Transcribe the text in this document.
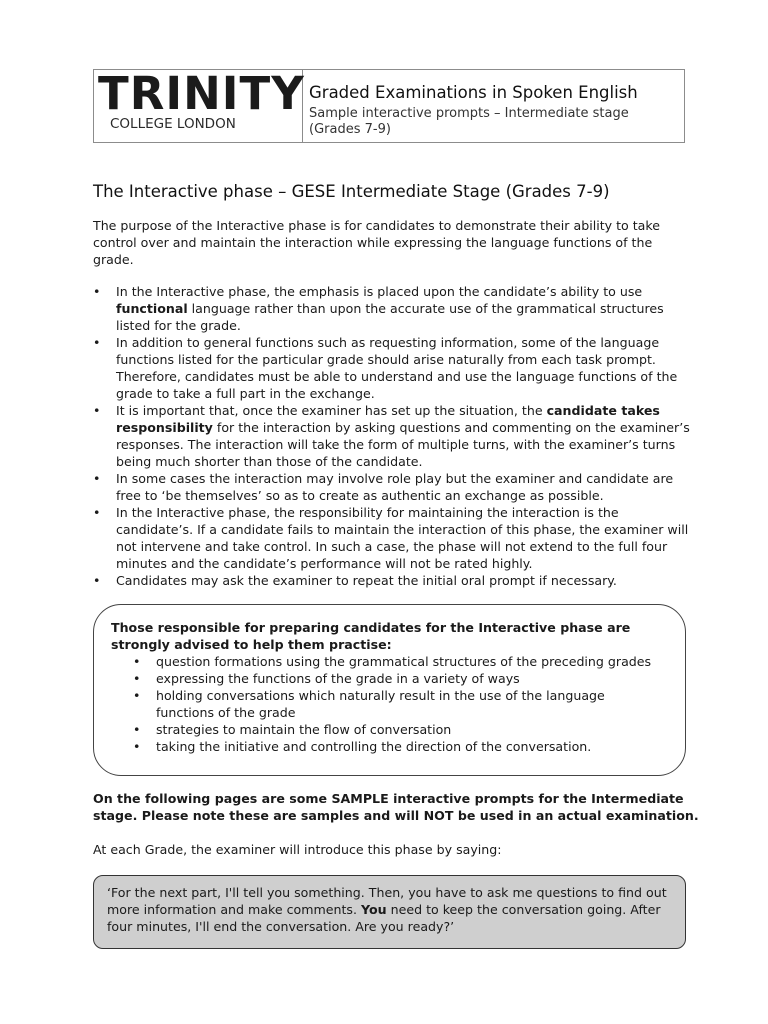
TRINITY
COLLEGE LONDON
Graded Examinations in Spoken English
Sample interactive prompts – Intermediate stage (Grades 7-9)
The Interactive phase – GESE Intermediate Stage (Grades 7-9)

The purpose of the Interactive phase is for candidates to demonstrate their ability to take control over and maintain the interaction while expressing the language functions of the grade.

•	In the Interactive phase, the emphasis is placed upon the candidate’s ability to use functional language rather than upon the accurate use of the grammatical structures listed for the grade.
•	In addition to general functions such as requesting information, some of the language functions listed for the particular grade should arise naturally from each task prompt. Therefore, candidates must be able to understand and use the language functions of the grade to take a full part in the exchange.
•	It is important that, once the examiner has set up the situation, the candidate takes responsibility for the interaction by asking questions and commenting on the examiner’s responses. The interaction will take the form of multiple turns, with the examiner’s turns being much shorter than those of the candidate.
•	In some cases the interaction may involve role play but the examiner and candidate are free to ‘be themselves’ so as to create as authentic an exchange as possible.
•	In the Interactive phase, the responsibility for maintaining the interaction is the candidate’s. If a candidate fails to maintain the interaction of this phase, the examiner will not intervene and take control. In such a case, the phase will not extend to the full four minutes and the candidate’s performance will not be rated highly.
•	Candidates may ask the examiner to repeat the initial oral prompt if necessary.

Those responsible for preparing candidates for the Interactive phase are strongly advised to help them practise:

• question formations using the grammatical structures of the preceding grades
• expressing the functions of the grade in a variety of ways
• holding conversations which naturally result in the use of the language functions of the grade
• strategies to maintain the flow of conversation
• taking the initiative and controlling the direction of the conversation.

On the following pages are some SAMPLE interactive prompts for the Intermediate stage. Please note these are samples and will NOT be used in an actual examination.

At each Grade, the examiner will introduce this phase by saying:

‘For the next part, I'll tell you something. Then, you have to ask me questions to find out more information and make comments. You need to keep the conversation going. After four minutes, I'll end the conversation. Are you ready?’
